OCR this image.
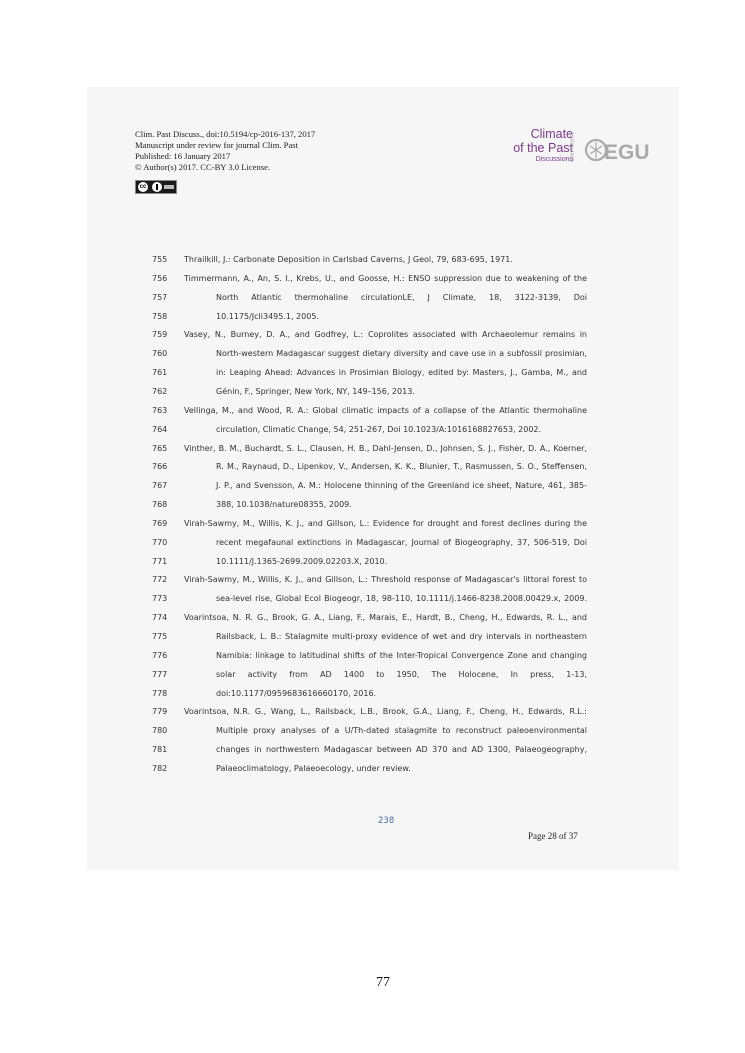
Clim. Past Discuss., doi:10.5194/cp-2016-137, 2017
Manuscript under review for journal Clim. Past
Published: 16 January 2017
© Author(s) 2017. CC-BY 3.0 License.
cc
Climate
of the Past
Discussions
Open Access EGU
755	Thrailkill, J.: Carbonate Deposition in Carlsbad Caverns, J Geol, 79, 683-695, 1971.
756	Timmermann, A., An, S. I., Krebs, U., and Goosse, H.: ENSO suppression due to weakening of the
757	North Atlantic thermohaline circulationLE, J Climate, 18, 3122-3139, Doi
758	10.1175/Jcli3495.1, 2005.
759	Vasey, N., Burney, D. A., and Godfrey, L.: Coprolites associated with Archaeolemur remains in
760	North-western Madagascar suggest dietary diversity and cave use in a subfossil prosimian,
761	in: Leaping Ahead: Advances in Prosimian Biology, edited by: Masters, J., Gamba, M., and
762	Génin, F., Springer, New York, NY, 149–156, 2013.
763	Vellinga, M., and Wood, R. A.: Global climatic impacts of a collapse of the Atlantic thermohaline
764	circulation, Climatic Change, 54, 251-267, Doi 10.1023/A:1016168827653, 2002.
765	Vinther, B. M., Buchardt, S. L., Clausen, H. B., Dahl-Jensen, D., Johnsen, S. J., Fisher, D. A., Koerner,
766	R. M., Raynaud, D., Lipenkov, V., Andersen, K. K., Blunier, T., Rasmussen, S. O., Steffensen,
767	J. P., and Svensson, A. M.: Holocene thinning of the Greenland ice sheet, Nature, 461, 385-
768	388, 10.1038/nature08355, 2009.
769	Virah-Sawmy, M., Willis, K. J., and Gillson, L.: Evidence for drought and forest declines during the
770	recent megafaunal extinctions in Madagascar, Journal of Biogeography, 37, 506-519, Doi
771	10.1111/J.1365-2699.2009.02203.X, 2010.
772	Virah-Sawmy, M., Willis, K. J., and Gillson, L.: Threshold response of Madagascar's littoral forest to
773	sea-level rise, Global Ecol Biogeogr, 18, 98-110, 10.1111/j.1466-8238.2008.00429.x, 2009.
774	Voarintsoa, N. R. G., Brook, G. A., Liang, F., Marais, E., Hardt, B., Cheng, H., Edwards, R. L., and
775	Railsback, L. B.: Stalagmite multi-proxy evidence of wet and dry intervals in northeastern
776	Namibia: linkage to latitudinal shifts of the Inter-Tropical Convergence Zone and changing
777	solar activity from AD 1400 to 1950, The Holocene, In press, 1-13,
778	doi:10.1177/0959683616660170, 2016.
779	Voarintsoa, N.R. G., Wang, L., Railsback, L.B., Brook, G.A., Liang, F., Cheng, H., Edwards, R.L.:
780	Multiple proxy analyses of a U/Th-dated stalagmite to reconstruct paleoenvironmental
781	changes in northwestern Madagascar between AD 370 and AD 1300, Palaeogeography,
782	Palaeoclimatology, Palaeoecology, under review.
238
Page 28 of 37
77
